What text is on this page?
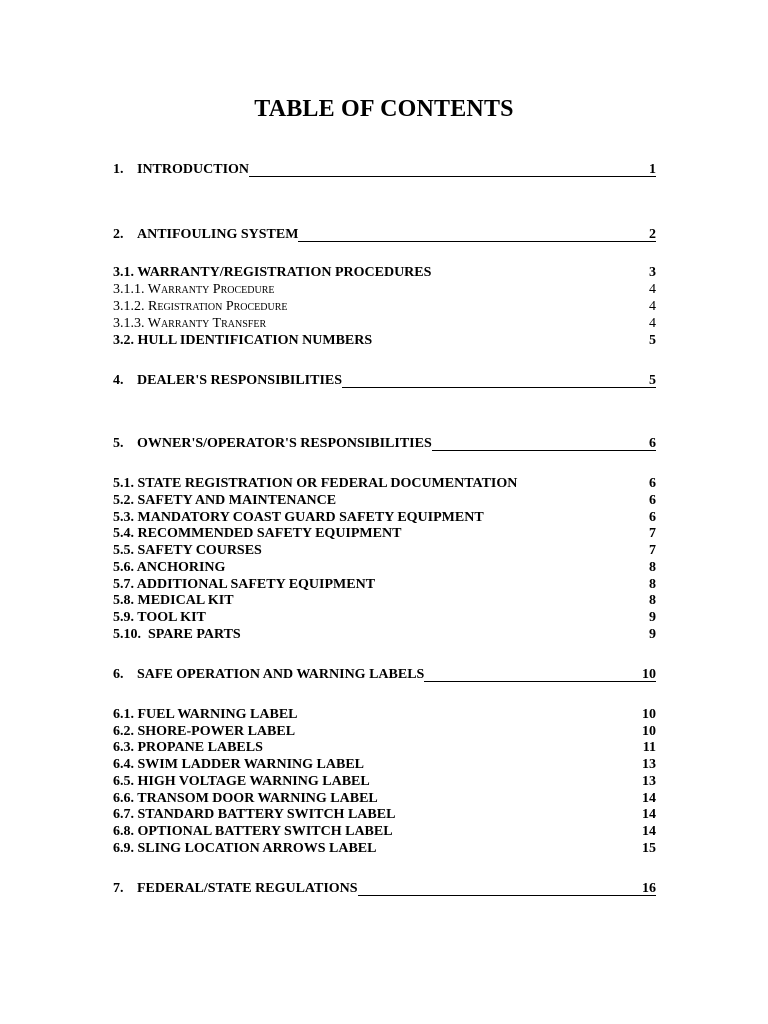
TABLE OF CONTENTS
1. INTRODUCTION	1
2. ANTIFOULING SYSTEM	2
3.1. WARRANTY/REGISTRATION PROCEDURES	3
3.1.1. Warranty Procedure	4
3.1.2. Registration Procedure	4
3.1.3. Warranty Transfer	4
3.2. HULL IDENTIFICATION NUMBERS	5
4. DEALER'S RESPONSIBILITIES	5
5. OWNER'S/OPERATOR'S RESPONSIBILITIES	6
5.1. STATE REGISTRATION OR FEDERAL DOCUMENTATION	6
5.2. SAFETY AND MAINTENANCE	6
5.3. MANDATORY COAST GUARD SAFETY EQUIPMENT	6
5.4. RECOMMENDED SAFETY EQUIPMENT	7
5.5. SAFETY COURSES	7
5.6. ANCHORING	8
5.7. ADDITIONAL SAFETY EQUIPMENT	8
5.8. MEDICAL KIT	8
5.9. TOOL KIT	9
5.10. SPARE PARTS	9
6. SAFE OPERATION AND WARNING LABELS	10
6.1. FUEL WARNING LABEL	10
6.2. SHORE-POWER LABEL	10
6.3. PROPANE LABELS	11
6.4. SWIM LADDER WARNING LABEL	13
6.5. HIGH VOLTAGE WARNING LABEL	13
6.6. TRANSOM DOOR WARNING LABEL	14
6.7. STANDARD BATTERY SWITCH LABEL	14
6.8. OPTIONAL BATTERY SWITCH LABEL	14
6.9. SLING LOCATION ARROWS LABEL	15
7. FEDERAL/STATE REGULATIONS	16
